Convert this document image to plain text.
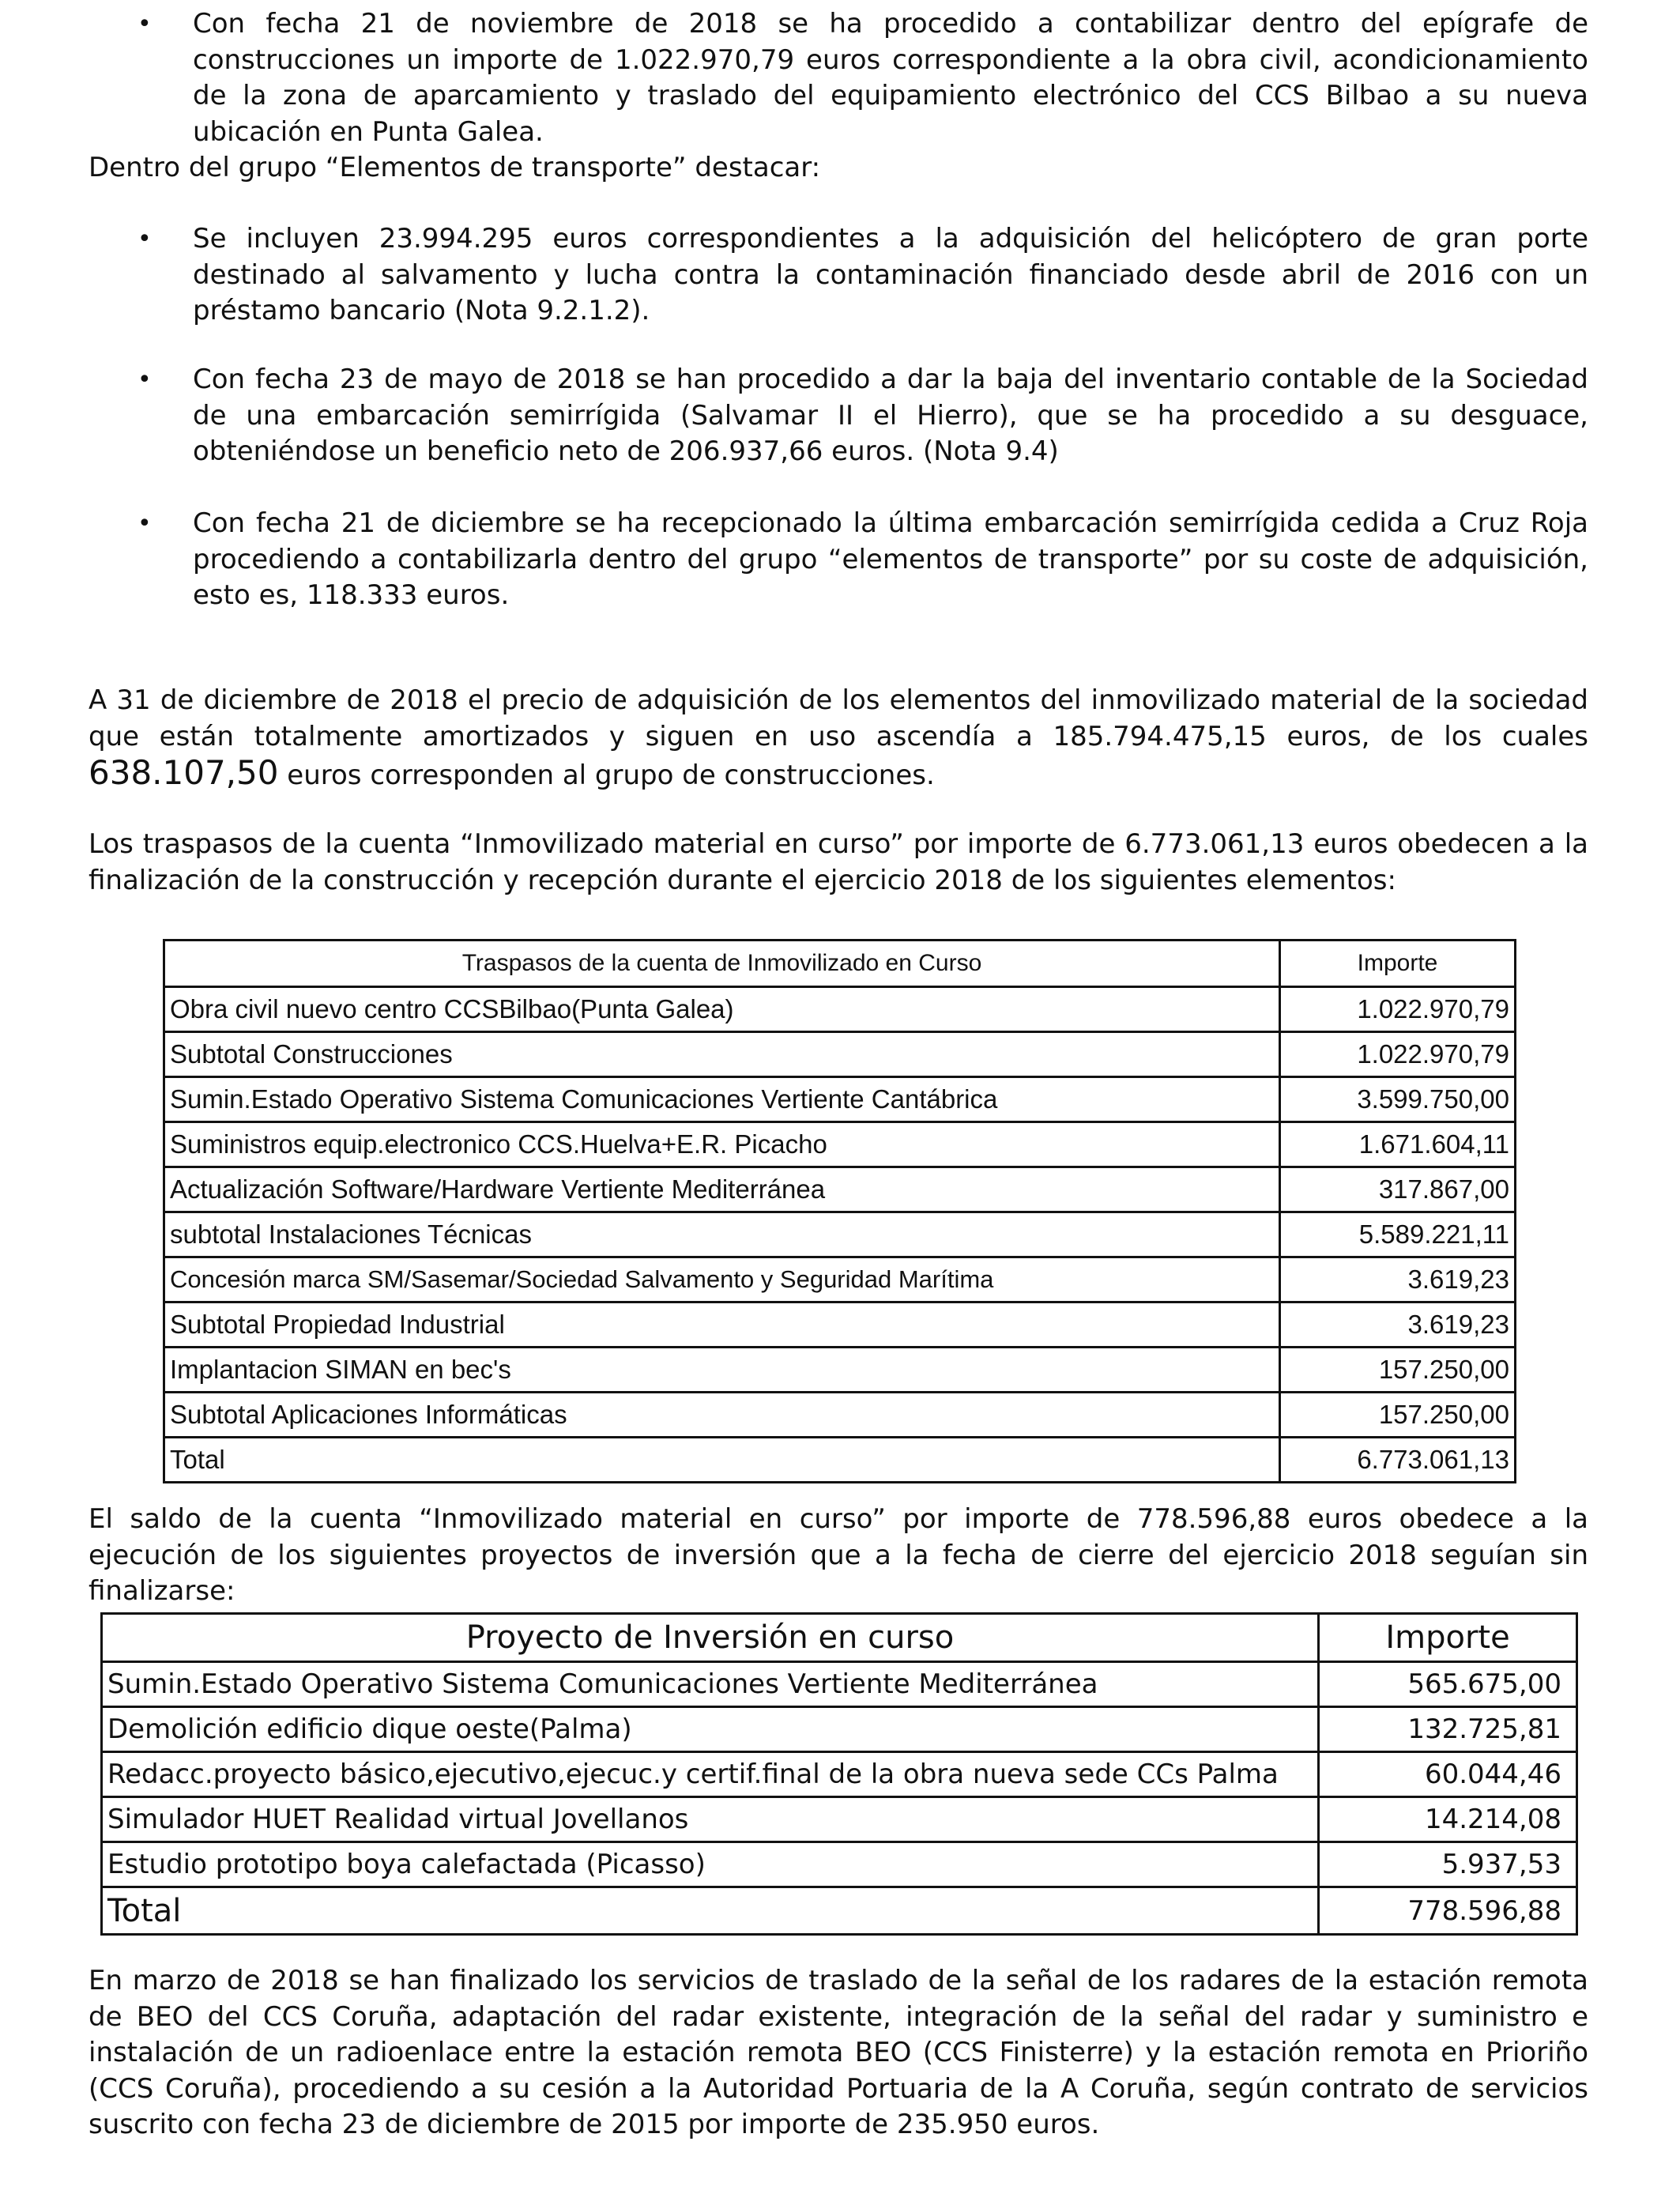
• Con fecha 21 de noviembre de 2018 se ha procedido a contabilizar dentro del epígrafe de construcciones un importe de 1.022.970,79 euros correspondiente a la obra civil, acondicionamiento de la zona de aparcamiento y traslado del equipamiento electrónico del CCS Bilbao a su nueva ubicación en Punta Galea.
Dentro del grupo “Elementos de transporte” destacar:
• Se incluyen 23.994.295 euros correspondientes a la adquisición del helicóptero de gran porte destinado al salvamento y lucha contra la contaminación financiado desde abril de 2016 con un préstamo bancario (Nota 9.2.1.2).
• Con fecha 23 de mayo de 2018 se han procedido a dar la baja del inventario contable de la Sociedad de una embarcación semirrígida (Salvamar II el Hierro), que se ha procedido a su desguace, obteniéndose un beneficio neto de 206.937,66 euros. (Nota 9.4)
• Con fecha 21 de diciembre se ha recepcionado la última embarcación semirrígida cedida a Cruz Roja procediendo a contabilizarla dentro del grupo “elementos de transporte” por su coste de adquisición, esto es, 118.333 euros.
A 31 de diciembre de 2018 el precio de adquisición de los elementos del inmovilizado material de la sociedad que están totalmente amortizados y siguen en uso ascendía a 185.794.475,15 euros, de los cuales 638.107,50 euros corresponden al grupo de construcciones.
Los traspasos de la cuenta “Inmovilizado material en curso” por importe de 6.773.061,13 euros obedecen a la finalización de la construcción y recepción durante el ejercicio 2018 de los siguientes elementos:
Traspasos de la cuenta de Inmovilizado en Curso	Importe
Obra civil nuevo centro CCSBilbao(Punta Galea)	1.022.970,79
Subtotal Construcciones	1.022.970,79
Sumin.Estado Operativo Sistema Comunicaciones Vertiente Cantábrica	3.599.750,00
Suministros equip.electronico CCS.Huelva+E.R. Picacho	1.671.604,11
Actualización Software/Hardware Vertiente Mediterránea	317.867,00
subtotal Instalaciones Técnicas	5.589.221,11
Concesión marca SM/Sasemar/Sociedad Salvamento y Seguridad Marítima	3.619,23
Subtotal Propiedad Industrial	3.619,23
Implantacion SIMAN en bec's	157.250,00
Subtotal Aplicaciones Informáticas	157.250,00
Total	6.773.061,13
El saldo de la cuenta “Inmovilizado material en curso” por importe de 778.596,88 euros obedece a la ejecución de los siguientes proyectos de inversión que a la fecha de cierre del ejercicio 2018 seguían sin finalizarse:
Proyecto de Inversión en curso	Importe
Sumin.Estado Operativo Sistema Comunicaciones Vertiente Mediterránea	565.675,00
Demolición edificio dique oeste(Palma)	132.725,81
Redacc.proyecto básico,ejecutivo,ejecuc.y certif.final de la obra nueva sede CCs Palma	60.044,46
Simulador HUET Realidad virtual Jovellanos	14.214,08
Estudio prototipo boya calefactada (Picasso)	5.937,53
Total	778.596,88
En marzo de 2018 se han finalizado los servicios de traslado de la señal de los radares de la estación remota de BEO del CCS Coruña, adaptación del radar existente, integración de la señal del radar y suministro e instalación de un radioenlace entre la estación remota BEO (CCS Finisterre) y la estación remota en Prioriño (CCS Coruña), procediendo a su cesión a la Autoridad Portuaria de la A Coruña, según contrato de servicios suscrito con fecha 23 de diciembre de 2015 por importe de 235.950 euros.
